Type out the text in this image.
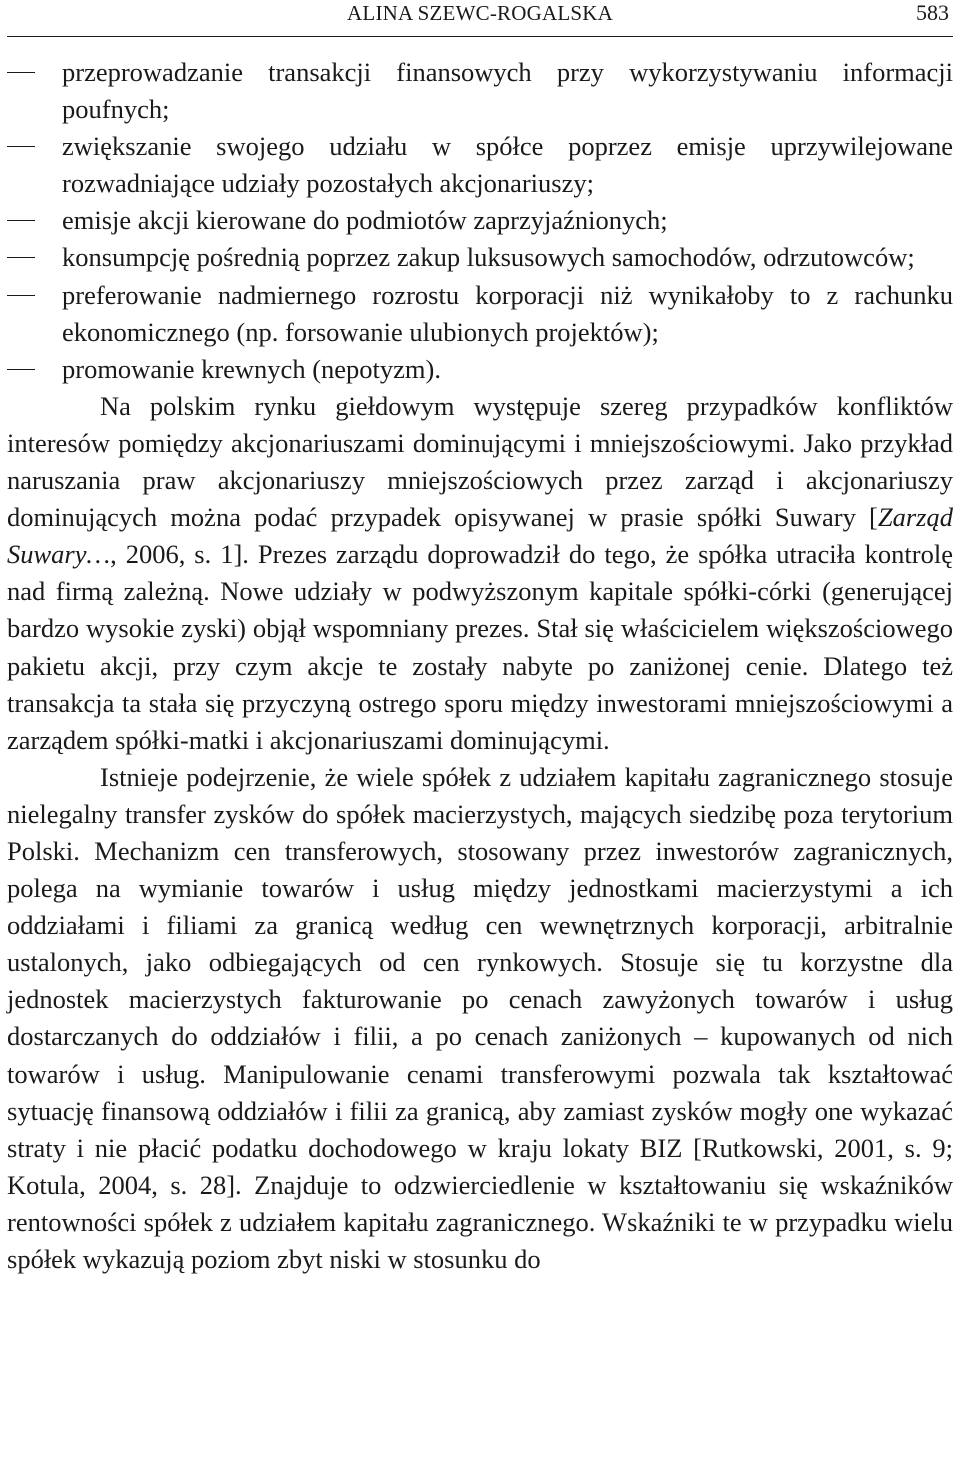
ALINA SZEWC-ROGALSKA	583
przeprowadzanie transakcji finansowych przy wykorzystywaniu informacji poufnych;
zwiększanie swojego udziału w spółce poprzez emisje uprzywilejowane rozwadniające udziały pozostałych akcjonariuszy;
emisje akcji kierowane do podmiotów zaprzyjaźnionych;
konsumpcję pośrednią poprzez zakup luksusowych samochodów, odrzutowców;
preferowanie nadmiernego rozrostu korporacji niż wynikałoby to z rachunku ekonomicznego (np. forsowanie ulubionych projektów);
promowanie krewnych (nepotyzm).

Na polskim rynku giełdowym występuje szereg przypadków konfliktów interesów pomiędzy akcjonariuszami dominującymi i mniejszościowymi. Jako przykład naruszania praw akcjonariuszy mniejszościowych przez zarząd i akcjonariuszy dominujących można podać przypadek opisywanej w prasie spółki Suwary [Zarząd Suwary…, 2006, s. 1]. Prezes zarządu doprowadził do tego, że spółka utraciła kontrolę nad firmą zależną. Nowe udziały w podwyższonym kapitale spółki-córki (generującej bardzo wysokie zyski) objął wspomniany prezes. Stał się właścicielem większościowego pakietu akcji, przy czym akcje te zostały nabyte po zaniżonej cenie. Dlatego też transakcja ta stała się przyczyną ostrego sporu między inwestorami mniejszościowymi a zarządem spółki-matki i akcjonariuszami dominującymi.

Istnieje podejrzenie, że wiele spółek z udziałem kapitału zagranicznego stosuje nielegalny transfer zysków do spółek macierzystych, mających siedzibę poza terytorium Polski. Mechanizm cen transferowych, stosowany przez inwestorów zagranicznych, polega na wymianie towarów i usług między jednostkami macierzystymi a ich oddziałami i filiami za granicą według cen wewnętrznych korporacji, arbitralnie ustalonych, jako odbiegających od cen rynkowych. Stosuje się tu korzystne dla jednostek macierzystych fakturowanie po cenach zawyżonych towarów i usług dostarczanych do oddziałów i filii, a po cenach zaniżonych – kupowanych od nich towarów i usług. Manipulowanie cenami transferowymi pozwala tak kształtować sytuację finansową oddziałów i filii za granicą, aby zamiast zysków mogły one wykazać straty i nie płacić podatku dochodowego w kraju lokaty BIZ [Rutkowski, 2001, s. 9; Kotula, 2004, s. 28]. Znajduje to odzwierciedlenie w kształtowaniu się wskaźników rentowności spółek z udziałem kapitału zagranicznego. Wskaźniki te w przypadku wielu spółek wykazują poziom zbyt niski w stosunku do
